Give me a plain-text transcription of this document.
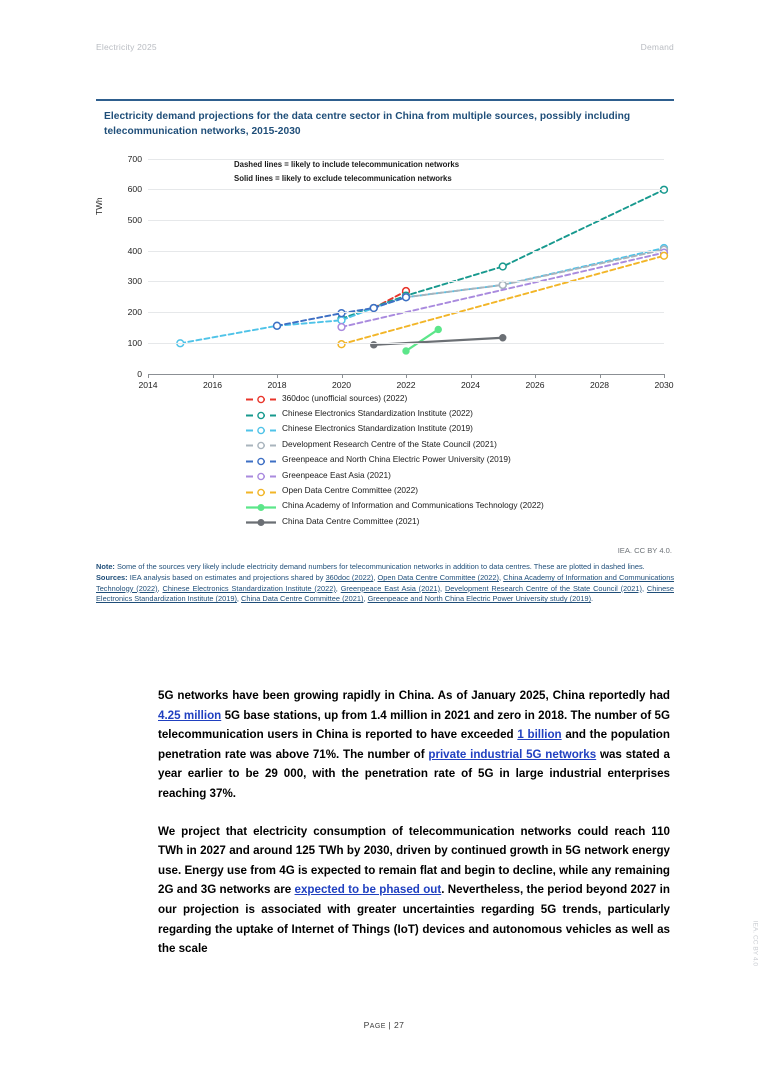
Electricity 2025	Demand
Electricity demand projections for the data centre sector in China from multiple sources, possibly including telecommunication networks, 2015-2030
TWh
Dashed lines = likely to include telecommunication networks
Solid lines = likely to exclude telecommunication networks
0
100
200
300
400
500
600
700
2014	2016	2018	2020	2022	2024	2026	2028	2030
360doc (unofficial sources) (2022)
Chinese Electronics Standardization Institute (2022)
Chinese Electronics Standardization Institute (2019)
Development Research Centre of the State Council (2021)
Greenpeace and North China Electric Power University (2019)
Greenpeace East Asia (2021)
Open Data Centre Committee (2022)
China Academy of Information and Communications Technology (2022)
China Data Centre Committee (2021)
IEA. CC BY 4.0.
Note: Some of the sources very likely include electricity demand numbers for telecommunication networks in addition to data centres. These are plotted in dashed lines.
Sources: IEA analysis based on estimates and projections shared by 360doc (2022), Open Data Centre Committee (2022), China Academy of Information and Communications Technology (2022), Chinese Electronics Standardization Institute (2022), Greenpeace East Asia (2021), Development Research Centre of the State Council (2021), Chinese Electronics Standardization Institute (2019), China Data Centre Committee (2021), Greenpeace and North China Electric Power University study (2019).

5G networks have been growing rapidly in China. As of January 2025, China reportedly had 4.25 million 5G base stations, up from 1.4 million in 2021 and zero in 2018. The number of 5G telecommunication users in China is reported to have exceeded 1 billion and the population penetration rate was above 71%. The number of private industrial 5G networks was stated a year earlier to be 29 000, with the penetration rate of 5G in large industrial enterprises reaching 37%.

We project that electricity consumption of telecommunication networks could reach 110 TWh in 2027 and around 125 TWh by 2030, driven by continued growth in 5G network energy use. Energy use from 4G is expected to remain flat and begin to decline, while any remaining 2G and 3G networks are expected to be phased out. Nevertheless, the period beyond 2027 in our projection is associated with greater uncertainties regarding 5G trends, particularly regarding the uptake of Internet of Things (IoT) devices and autonomous vehicles as well as the scale

PAGE | 27
IEA. CC BY 4.0
